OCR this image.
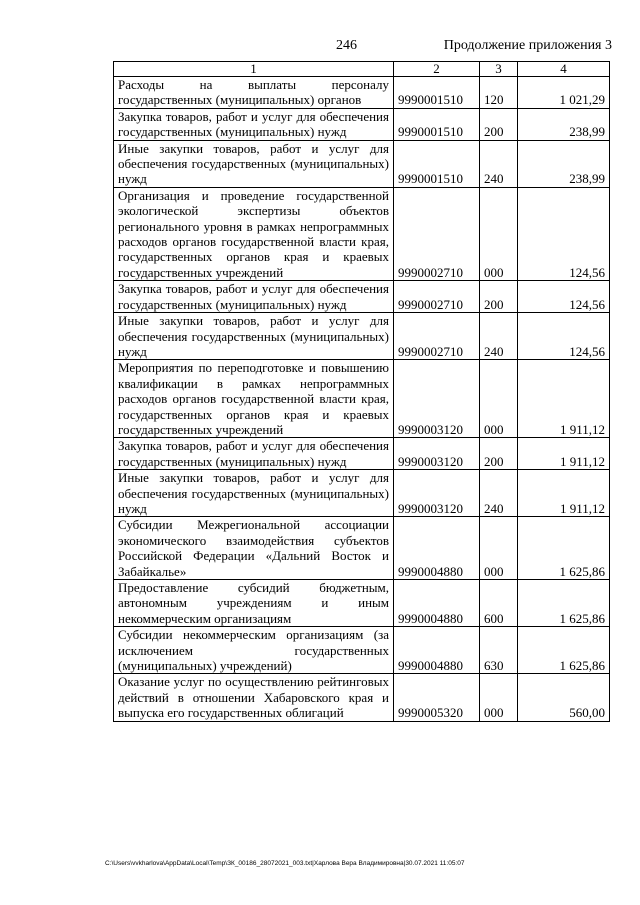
246	Продолжение приложения 3
1	2	3	4
Расходы на выплаты персоналу государственных (муниципальных) органов	9990001510	120	1 021,29
Закупка товаров, работ и услуг для обеспечения государственных (муниципальных) нужд	9990001510	200	238,99
Иные закупки товаров, работ и услуг для обеспечения государственных (муниципальных) нужд	9990001510	240	238,99
Организация и проведение государственной экологической экспертизы объектов регионального уровня в рамках непрограммных расходов органов государственной власти края, государственных органов края и краевых государственных учреждений	9990002710	000	124,56
Закупка товаров, работ и услуг для обеспечения государственных (муниципальных) нужд	9990002710	200	124,56
Иные закупки товаров, работ и услуг для обеспечения государственных (муниципальных) нужд	9990002710	240	124,56
Мероприятия по переподготовке и повышению квалификации в рамках непрограммных расходов органов государственной власти края, государственных органов края и краевых государственных учреждений	9990003120	000	1 911,12
Закупка товаров, работ и услуг для обеспечения государственных (муниципальных) нужд	9990003120	200	1 911,12
Иные закупки товаров, работ и услуг для обеспечения государственных (муниципальных) нужд	9990003120	240	1 911,12
Субсидии Межрегиональной ассоциации экономического взаимодействия субъектов Российской Федерации «Дальний Восток и Забайкалье»	9990004880	000	1 625,86
Предоставление субсидий бюджетным, автономным учреждениям и иным некоммерческим организациям	9990004880	600	1 625,86
Субсидии некоммерческим организациям (за исключением государственных (муниципальных) учреждений)	9990004880	630	1 625,86
Оказание услуг по осуществлению рейтинговых действий в отношении Хабаровского края и выпуска его государственных облигаций	9990005320	000	560,00
C:\Users\vvkharlova\AppData\Local\Temp\ЗК_00186_28072021_003.txt|Харлова Вера Владимировна|30.07.2021 11:05:07
